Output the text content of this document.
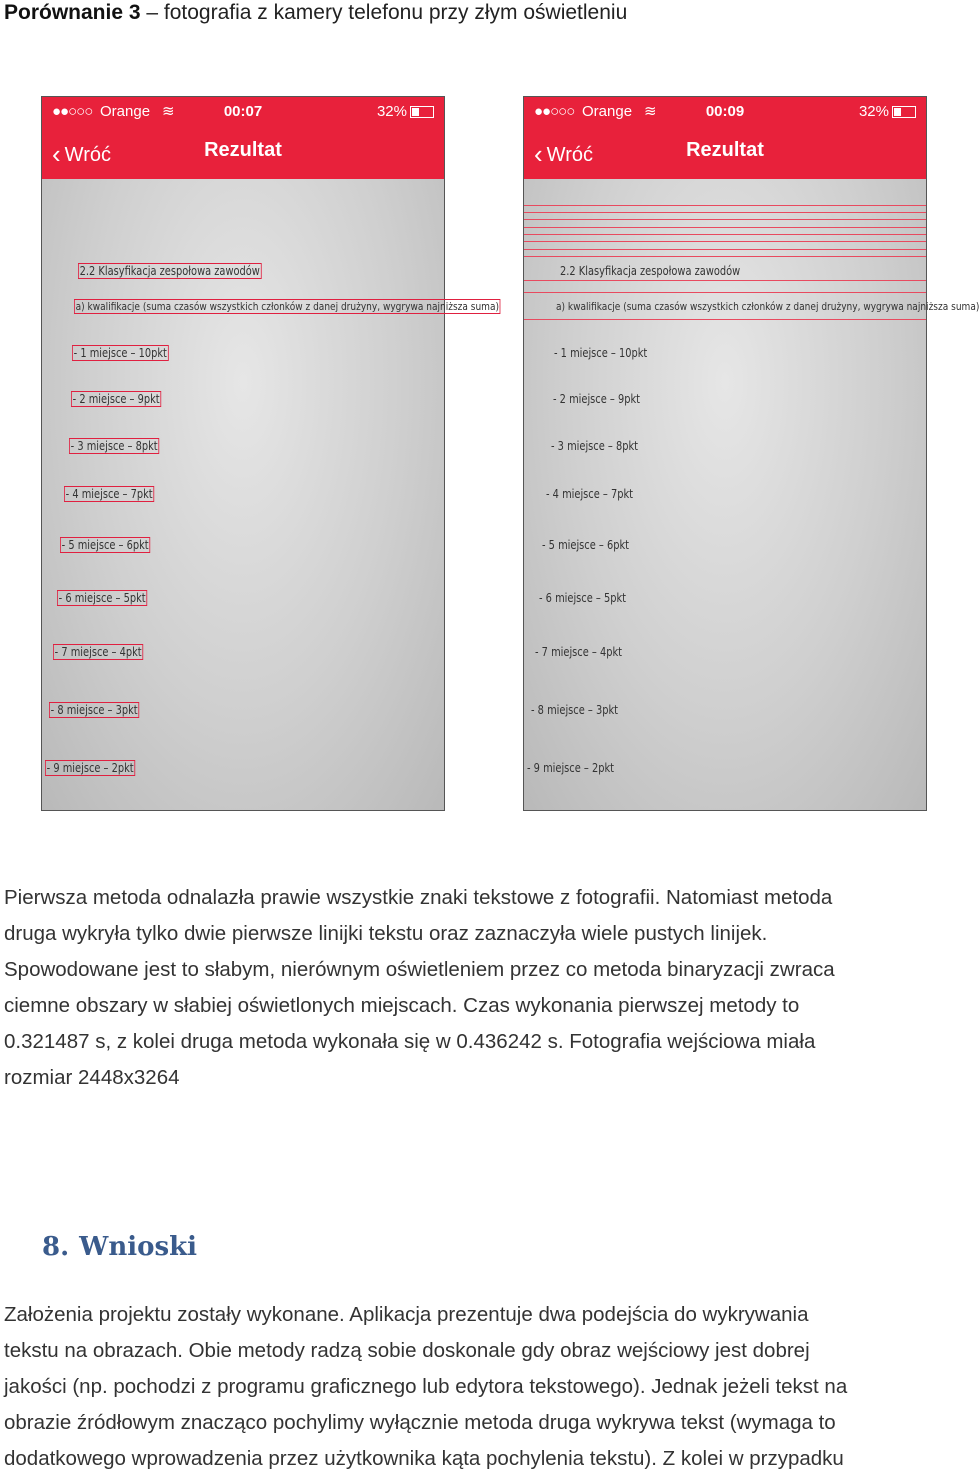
Porównanie 3 – fotografia z kamery telefonu przy złym oświetleniu
●●○○○ Orange ≋	00:07	32%
‹ Wróć	Rezultat
2.2 Klasyfikacja zespołowa zawodów
a) kwalifikacje (suma czasów wszystkich członków z danej drużyny, wygrywa najniższa suma)
- 1 miejsce – 10pkt
- 2 miejsce – 9pkt
- 3 miejsce – 8pkt
- 4 miejsce – 7pkt
- 5 miejsce – 6pkt
- 6 miejsce – 5pkt
- 7 miejsce – 4pkt
- 8 miejsce – 3pkt
- 9 miejsce – 2pkt
●●○○○ Orange ≋	00:09	32%
‹ Wróć	Rezultat
2.2 Klasyfikacja zespołowa zawodów
a) kwalifikacje (suma czasów wszystkich członków z danej drużyny, wygrywa najniższa suma)
- 1 miejsce – 10pkt
- 2 miejsce – 9pkt
- 3 miejsce – 8pkt
- 4 miejsce – 7pkt
- 5 miejsce – 6pkt
- 6 miejsce – 5pkt
- 7 miejsce – 4pkt
- 8 miejsce – 3pkt
- 9 miejsce – 2pkt
Pierwsza metoda odnalazła prawie wszystkie znaki tekstowe z fotografii. Natomiast metoda
druga wykryła tylko dwie pierwsze linijki tekstu oraz zaznaczyła wiele pustych linijek.
Spowodowane jest to słabym, nierównym oświetleniem przez co metoda binaryzacji zwraca
ciemne obszary w słabiej oświetlonych miejscach. Czas wykonania pierwszej metody to
0.321487 s, z kolei druga metoda wykonała się w 0.436242 s. Fotografia wejściowa miała
rozmiar 2448x3264
8. Wnioski
Założenia projektu zostały wykonane. Aplikacja prezentuje dwa podejścia do wykrywania
tekstu na obrazach. Obie metody radzą sobie doskonale gdy obraz wejściowy jest dobrej
jakości (np. pochodzi z programu graficznego lub edytora tekstowego). Jednak jeżeli tekst na
obrazie źródłowym znacząco pochylimy wyłącznie metoda druga wykrywa tekst (wymaga to
dodatkowego wprowadzenia przez użytkownika kąta pochylenia tekstu). Z kolei w przypadku
